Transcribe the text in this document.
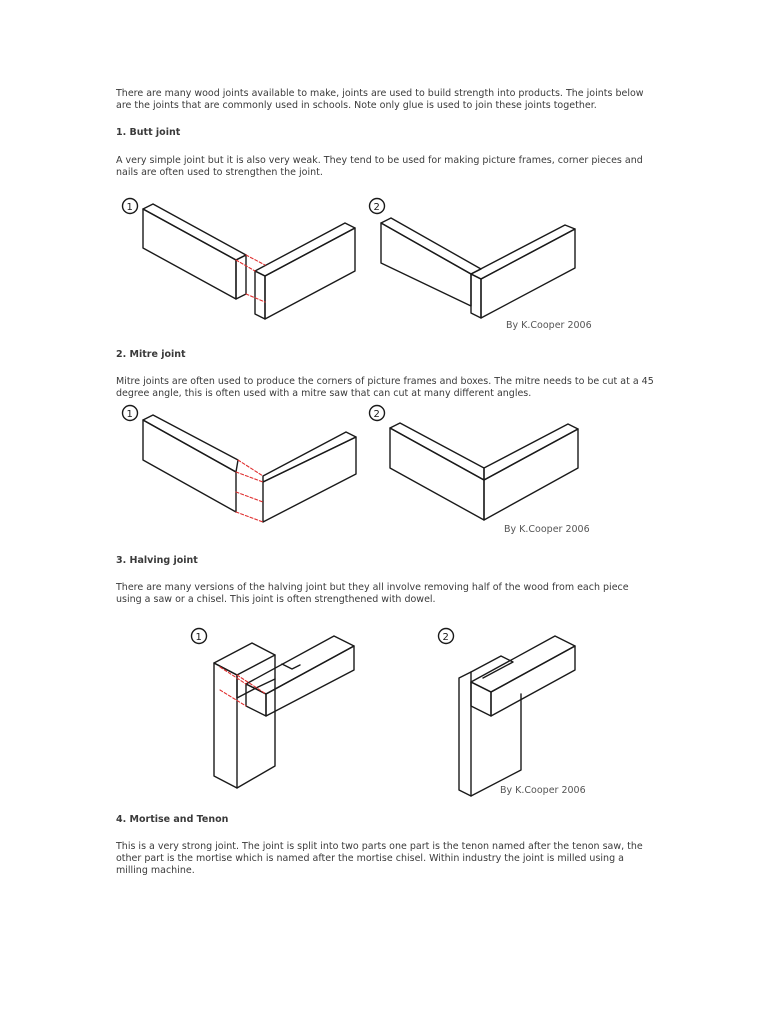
There are many wood joints available to make, joints are used to build strength into products. The joints below are the joints that are commonly used in schools. Note only glue is used to join these joints together.

1. Butt joint

A very simple joint but it is also very weak. They tend to be used for making picture frames, corner pieces and nails are often used to strengthen the joint.

1	2

By K.Cooper 2006

2. Mitre joint

Mitre joints are often used to produce the corners of picture frames and boxes. The mitre needs to be cut at a 45 degree angle, this is often used with a mitre saw that can cut at many different angles.

1	2

By K.Cooper 2006

3. Halving joint

There are many versions of the halving joint but they all involve removing half of the wood from each piece using a saw or a chisel. This joint is often strengthened with dowel.

1	2

By K.Cooper 2006

4. Mortise and Tenon

This is a very strong joint. The joint is split into two parts one part is the tenon named after the tenon saw, the other part is the mortise which is named after the mortise chisel. Within industry the joint is milled using a milling machine.
